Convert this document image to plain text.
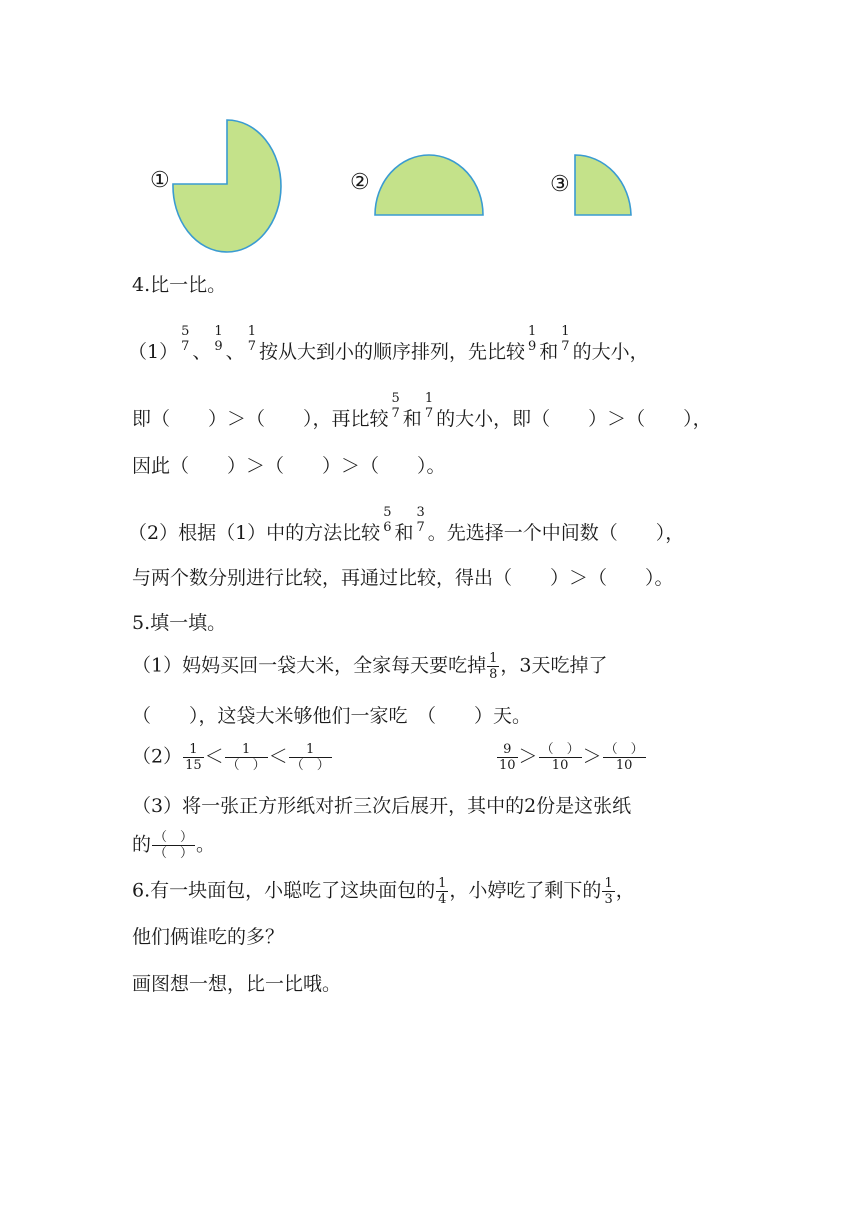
①	②	③
4.比一比。
（1）
5
7 、
1
9 、
1
7 按从大到小的顺序排列，先比较
1
9 和
1
7 的大小，
即（　　）＞（　　），再比较
5
7 和
1
7 的大小，即（　　）＞（　　），
因此（　　）＞（　　）＞（　　）。
（2）根据（1）中的方法比较
5
6 和
3
7 。先选择一个中间数（　　），
与两个数分别进行比较，再通过比较，得出（　　）＞（　　）。
5.填一填。
（1）妈妈买回一袋大米，全家每天要吃掉 $\frac{1}{8}$ ，3天吃掉了
（　　），这袋大米够他们一家吃　（　　）天。
$(2) \frac{1}{15} < \frac{1}{( )} < \frac{1}{( )}$	$\frac{9}{10} > \frac{( )}{10} > \frac{( )}{10}$
（3）将一张正方形纸对折三次后展开，其中的2份是这张纸
的 $\frac{( )}{( )}$ 。
6.有一块面包，小聪吃了这块面包的 $\frac{1}{4}$ ，小婷吃了剩下的 $\frac{1}{3}$ ，
他们俩谁吃的多？
画图想一想，比一比哦。
